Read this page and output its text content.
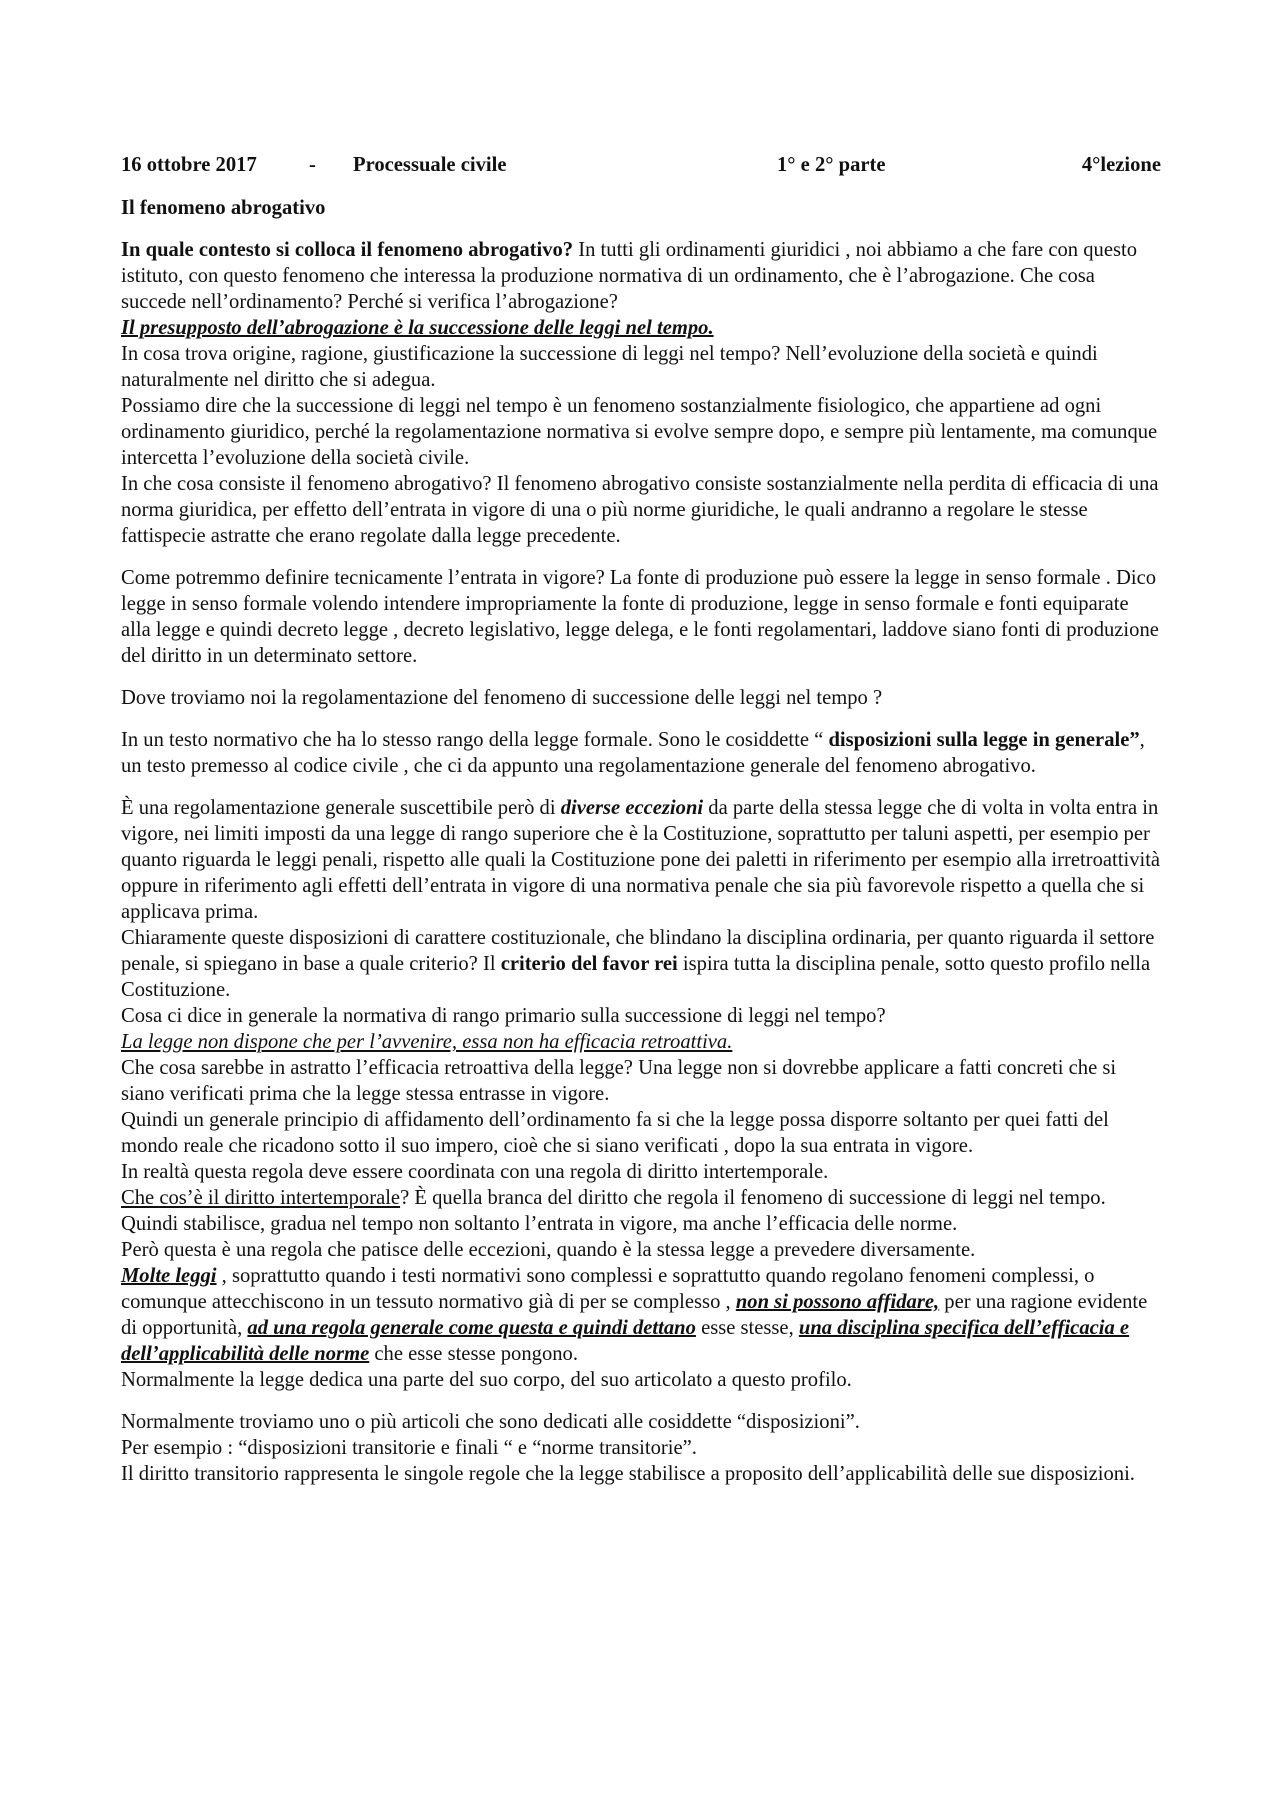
16 ottobre 2017	-	Processuale civile	1° e 2° parte	4°lezione

Il fenomeno abrogativo

In quale contesto si colloca il fenomeno abrogativo? In tutti gli ordinamenti giuridici , noi abbiamo a che fare con questo istituto, con questo fenomeno che interessa la produzione normativa di un ordinamento, che è l’abrogazione. Che cosa succede nell’ordinamento? Perché si verifica l’abrogazione?

Il presupposto dell’abrogazione è la successione delle leggi nel tempo.

In cosa trova origine, ragione, giustificazione la successione di leggi nel tempo? Nell’evoluzione della società e quindi naturalmente nel diritto che si adegua.

Possiamo dire che la successione di leggi nel tempo è un fenomeno sostanzialmente fisiologico, che appartiene ad ogni ordinamento giuridico, perché la regolamentazione normativa si evolve sempre dopo, e sempre più lentamente, ma comunque intercetta l’evoluzione della società civile.

In che cosa consiste il fenomeno abrogativo? Il fenomeno abrogativo consiste sostanzialmente nella perdita di efficacia di una norma giuridica, per effetto dell’entrata in vigore di una o più norme giuridiche, le quali andranno a regolare le stesse fattispecie astratte che erano regolate dalla legge precedente.

Come potremmo definire tecnicamente l’entrata in vigore? La fonte di produzione può essere la legge in senso formale . Dico legge in senso formale volendo intendere impropriamente la fonte di produzione, legge in senso formale e fonti equiparate alla legge e quindi decreto legge , decreto legislativo, legge delega, e le fonti regolamentari, laddove siano fonti di produzione del diritto in un determinato settore.

Dove troviamo noi la regolamentazione del fenomeno di successione delle leggi nel tempo ?

In un testo normativo che ha lo stesso rango della legge formale. Sono le cosiddette “ disposizioni sulla legge in generale”, un testo premesso al codice civile , che ci da appunto una regolamentazione generale del fenomeno abrogativo.

È una regolamentazione generale suscettibile però di diverse eccezioni da parte della stessa legge che di volta in volta entra in vigore, nei limiti imposti da una legge di rango superiore che è la Costituzione, soprattutto per taluni aspetti, per esempio per quanto riguarda le leggi penali, rispetto alle quali la Costituzione pone dei paletti in riferimento per esempio alla irretroattività oppure in riferimento agli effetti dell’entrata in vigore di una normativa penale che sia più favorevole rispetto a quella che si applicava prima.

Chiaramente queste disposizioni di carattere costituzionale, che blindano la disciplina ordinaria, per quanto riguarda il settore penale, si spiegano in base a quale criterio? Il criterio del favor rei ispira tutta la disciplina penale, sotto questo profilo nella Costituzione.

Cosa ci dice in generale la normativa di rango primario sulla successione di leggi nel tempo?

La legge non dispone che per l’avvenire, essa non ha efficacia retroattiva.

Che cosa sarebbe in astratto l’efficacia retroattiva della legge? Una legge non si dovrebbe applicare a fatti concreti che si siano verificati prima che la legge stessa entrasse in vigore.

Quindi un generale principio di affidamento dell’ordinamento fa si che la legge possa disporre soltanto per quei fatti del mondo reale che ricadono sotto il suo impero, cioè che si siano verificati , dopo la sua entrata in vigore.

In realtà questa regola deve essere coordinata con una regola di diritto intertemporale.

Che cos’è il diritto intertemporale? È quella branca del diritto che regola il fenomeno di successione di leggi nel tempo. Quindi stabilisce, gradua nel tempo non soltanto l’entrata in vigore, ma anche l’efficacia delle norme.

Però questa è una regola che patisce delle eccezioni, quando è la stessa legge a prevedere diversamente.

Molte leggi , soprattutto quando i testi normativi sono complessi e soprattutto quando regolano fenomeni complessi, o comunque attecchiscono in un tessuto normativo già di per se complesso , non si possono affidare, per una ragione evidente di opportunità, ad una regola generale come questa e quindi dettano esse stesse, una disciplina specifica dell’efficacia e dell’applicabilità delle norme che esse stesse pongono.

Normalmente la legge dedica una parte del suo corpo, del suo articolato a questo profilo.

Normalmente troviamo uno o più articoli che sono dedicati alle cosiddette “disposizioni”.

Per esempio : “disposizioni transitorie e finali “ e “norme transitorie”.

Il diritto transitorio rappresenta le singole regole che la legge stabilisce a proposito dell’applicabilità delle sue disposizioni.
